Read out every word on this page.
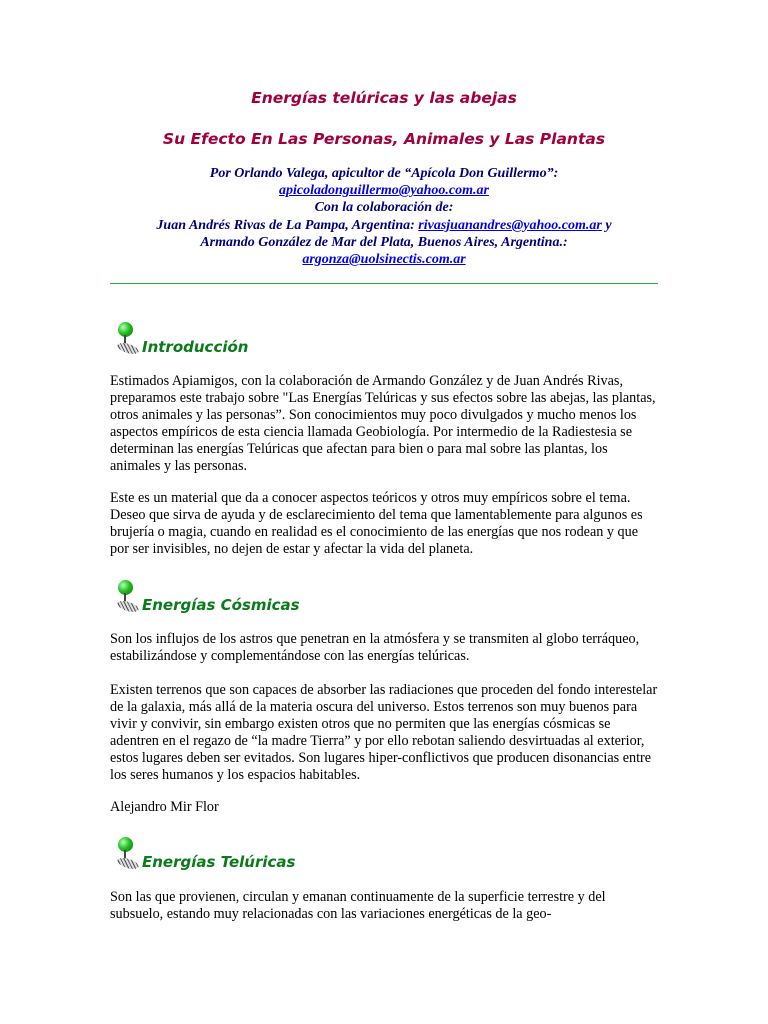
Energías telúricas y las abejas
Su Efecto En Las Personas, Animales y Las Plantas
Por Orlando Valega, apicultor de “Apícola Don Guillermo”:
apicoladonguillermo@yahoo.com.ar
Con la colaboración de:
Juan Andrés Rivas de La Pampa, Argentina: rivasjuanandres@yahoo.com.ar y
Armando González de Mar del Plata, Buenos Aires, Argentina.:
argonza@uolsinectis.com.ar
Introducción

Estimados Apiamigos, con la colaboración de Armando González y de Juan Andrés Rivas, preparamos este trabajo sobre "Las Energías Telúricas y sus efectos sobre las abejas, las plantas, otros animales y las personas”. Son conocimientos muy poco divulgados y mucho menos los aspectos empíricos de esta ciencia llamada Geobiología. Por intermedio de la Radiestesia se determinan las energías Telúricas que afectan para bien o para mal sobre las plantas, los animales y las personas.

Este es un material que da a conocer aspectos teóricos y otros muy empíricos sobre el tema. Deseo que sirva de ayuda y de esclarecimiento del tema que lamentablemente para algunos es brujería o magia, cuando en realidad es el conocimiento de las energías que nos rodean y que por ser invisibles, no dejen de estar y afectar la vida del planeta.

Energías Cósmicas

Son los influjos de los astros que penetran en la atmósfera y se transmiten al globo terráqueo, estabilizándose y complementándose con las energías telúricas.

Existen terrenos que son capaces de absorber las radiaciones que proceden del fondo interestelar de la galaxia, más allá de la materia oscura del universo. Estos terrenos son muy buenos para vivir y convivir, sin embargo existen otros que no permiten que las energías cósmicas se adentren en el regazo de “la madre Tierra” y por ello rebotan saliendo desvirtuadas al exterior, estos lugares deben ser evitados. Son lugares hiper-conflictivos que producen disonancias entre los seres humanos y los espacios habitables.

Alejandro Mir Flor

Energías Telúricas

Son las que provienen, circulan y emanan continuamente de la superficie terrestre y del subsuelo, estando muy relacionadas con las variaciones energéticas de la geo-
